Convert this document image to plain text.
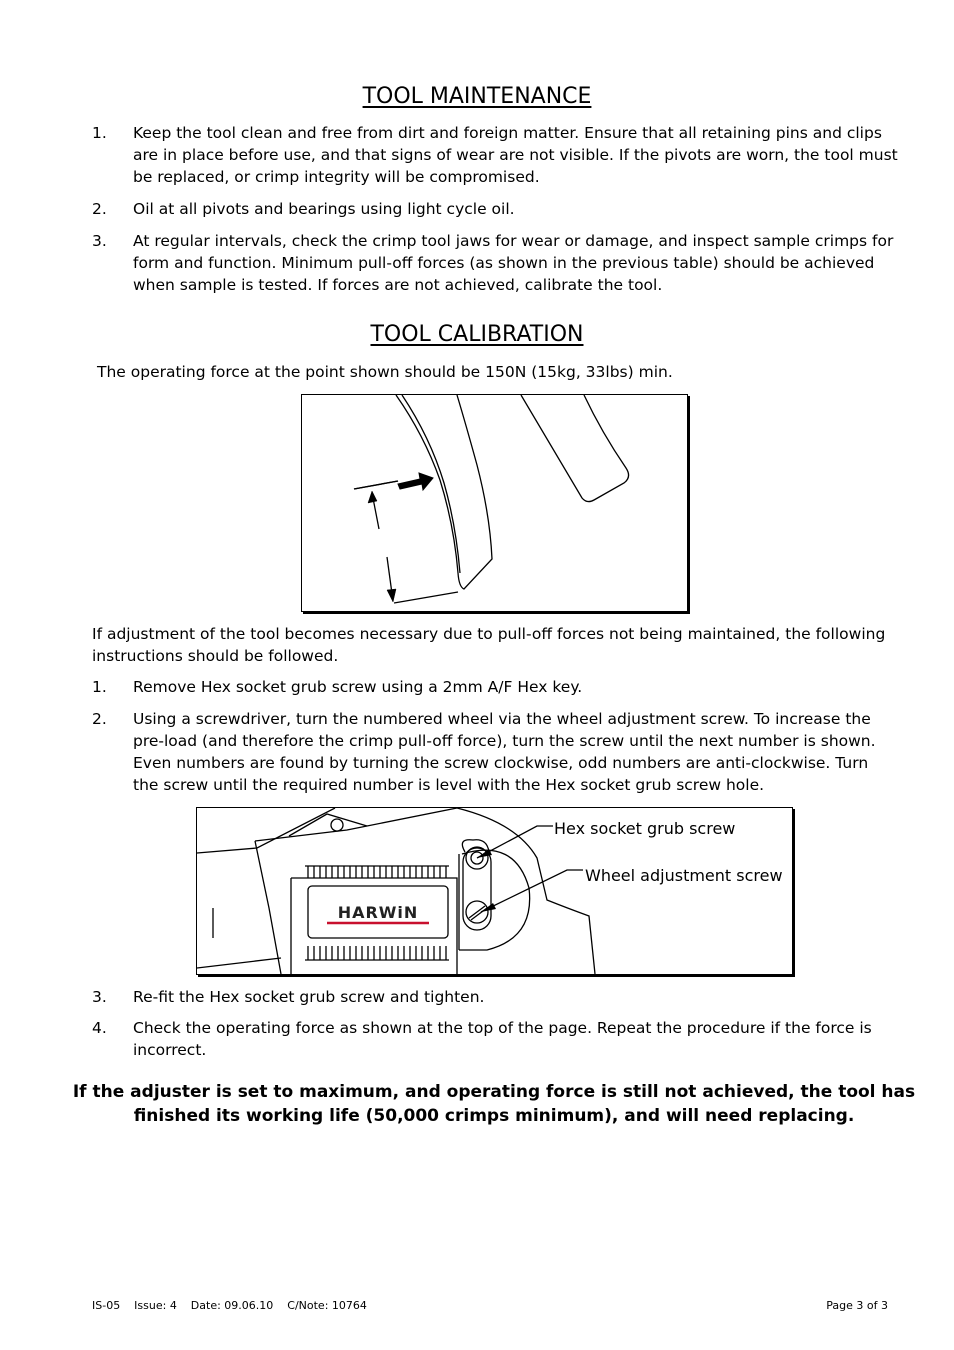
TOOL MAINTENANCE
1. Keep the tool clean and free from dirt and foreign matter. Ensure that all retaining pins and clips are in place before use, and that signs of wear are not visible. If the pivots are worn, the tool must be replaced, or crimp integrity will be compromised.
2. Oil at all pivots and bearings using light cycle oil.
3. At regular intervals, check the crimp tool jaws for wear or damage, and inspect sample crimps for form and function. Minimum pull-off forces (as shown in the previous table) should be achieved when sample is tested. If forces are not achieved, calibrate the tool.
TOOL CALIBRATION
The operating force at the point shown should be 150N (15kg, 33lbs) min.
If adjustment of the tool becomes necessary due to pull-off forces not being maintained, the following instructions should be followed.
1. Remove Hex socket grub screw using a 2mm A/F Hex key.
2. Using a screwdriver, turn the numbered wheel via the wheel adjustment screw. To increase the pre-load (and therefore the crimp pull-off force), turn the screw until the next number is shown. Even numbers are found by turning the screw clockwise, odd numbers are anti-clockwise. Turn the screw until the required number is level with the Hex socket grub screw hole.
HARWiN
Hex socket grub screw
Wheel adjustment screw
3. Re-fit the Hex socket grub screw and tighten.
4. Check the operating force as shown at the top of the page. Repeat the procedure if the force is incorrect.
If the adjuster is set to maximum, and operating force is still not achieved, the tool has finished its working life (50,000 crimps minimum), and will need replacing.
IS-05    Issue: 4    Date: 09.06.10    C/Note: 10764	Page 3 of 3
